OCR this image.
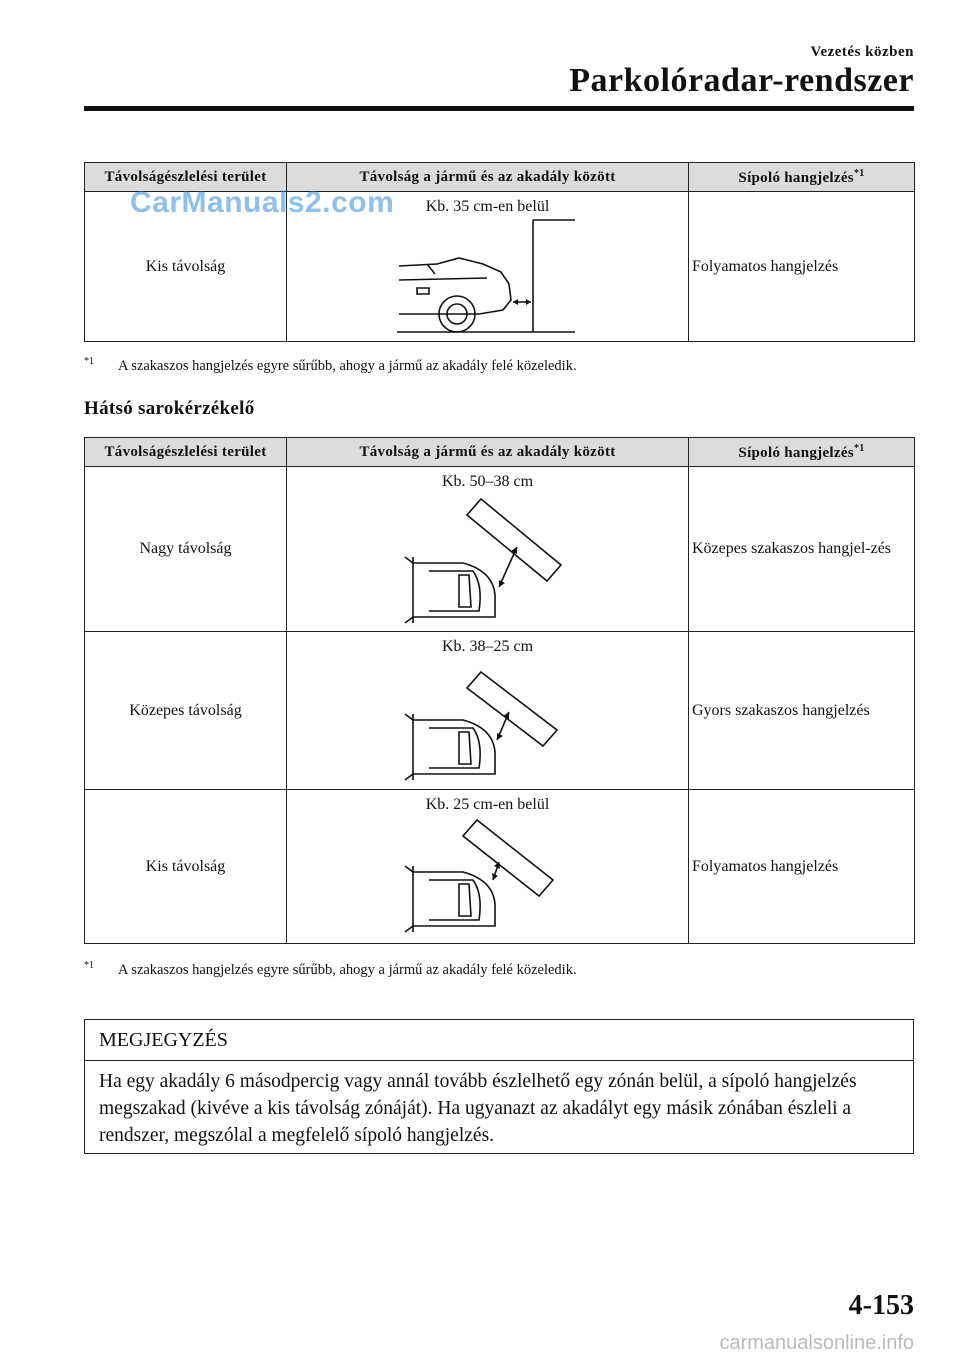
Vezetés közben
Parkolóradar-rendszer
Távolságészlelési terület	Távolság a jármű és az akadály között	Sípoló hangjelzés$^{*1}$
Kis távolság	Kb. 35 cm-en belül	Folyamatos hangjelzés
CarManuals2.com
$^{*1}$ A szakaszos hangjelzés egyre sűrűbb, ahogy a jármű az akadály felé közeledik.
Hátsó sarokérzékelő
Távolságészlelési terület	Távolság a jármű és az akadály között	Sípoló hangjelzés$^{*1}$
Nagy távolság	Kb. 50–38 cm	Közepes szakaszos hangjel-zés
Közepes távolság	Kb. 38–25 cm	Gyors szakaszos hangjelzés
Kis távolság	Kb. 25 cm-en belül	Folyamatos hangjelzés
$^{*1}$ A szakaszos hangjelzés egyre sűrűbb, ahogy a jármű az akadály felé közeledik.
MEGJEGYZÉS
Ha egy akadály 6 másodpercig vagy annál tovább észlelhető egy zónán belül, a sípoló hangjelzés megszakad (kivéve a kis távolság zónáját). Ha ugyanazt az akadályt egy másik zónában észleli a rendszer, megszólal a megfelelő sípoló hangjelzés.
4-153
carmanualsonline.info
